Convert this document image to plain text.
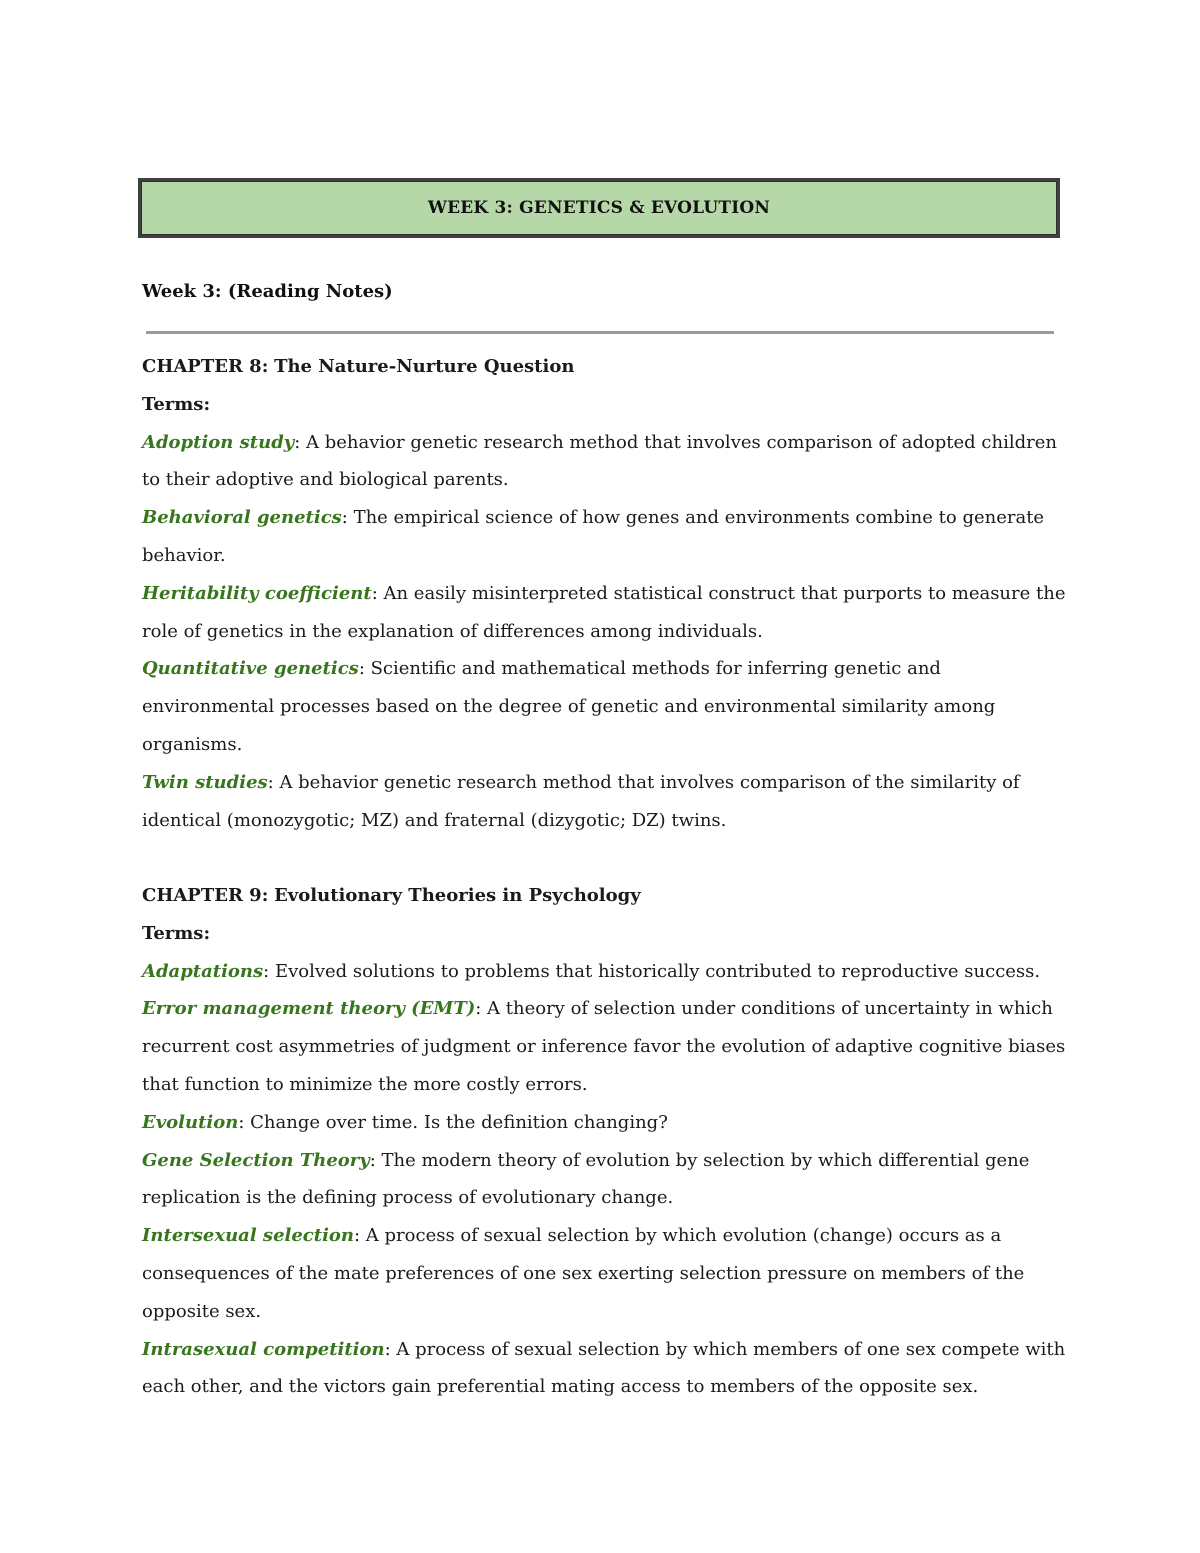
WEEK 3: GENETICS & EVOLUTION
Week 3: (Reading Notes)

CHAPTER 8: The Nature-Nurture Question

Terms:

Adoption study: A behavior genetic research method that involves comparison of adopted children to their adoptive and biological parents.

Behavioral genetics: The empirical science of how genes and environments combine to generate behavior.

Heritability coefficient: An easily misinterpreted statistical construct that purports to measure the role of genetics in the explanation of differences among individuals.

Quantitative genetics: Scientific and mathematical methods for inferring genetic and environmental processes based on the degree of genetic and environmental similarity among organisms.

Twin studies: A behavior genetic research method that involves comparison of the similarity of identical (monozygotic; MZ) and fraternal (dizygotic; DZ) twins.

CHAPTER 9: Evolutionary Theories in Psychology

Terms:

Adaptations: Evolved solutions to problems that historically contributed to reproductive success.

Error management theory (EMT): A theory of selection under conditions of uncertainty in which recurrent cost asymmetries of judgment or inference favor the evolution of adaptive cognitive biases that function to minimize the more costly errors.

Evolution: Change over time. Is the definition changing?

Gene Selection Theory: The modern theory of evolution by selection by which differential gene replication is the defining process of evolutionary change.

Intersexual selection: A process of sexual selection by which evolution (change) occurs as a consequences of the mate preferences of one sex exerting selection pressure on members of the opposite sex.

Intrasexual competition: A process of sexual selection by which members of one sex compete with each other, and the victors gain preferential mating access to members of the opposite sex.
